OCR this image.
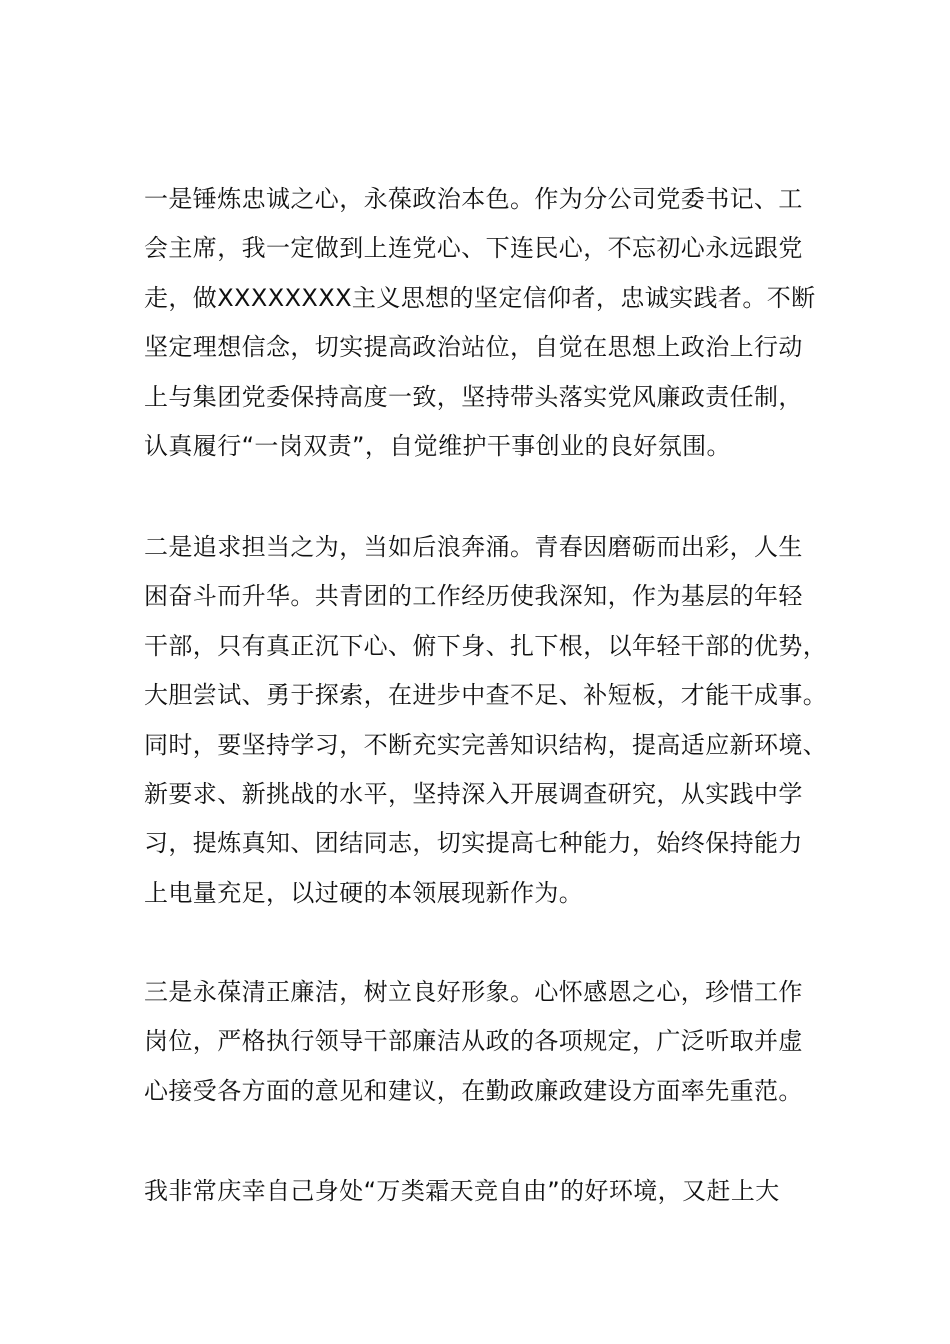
一是锤炼忠诚之心，永葆政治本色。作为分公司党委书记、工
会主席，我一定做到上连党心、下连民心，不忘初心永远跟党
走，做XXXXXXXX主义思想的坚定信仰者，忠诚实践者。不断
坚定理想信念，切实提高政治站位，自觉在思想上政治上行动
上与集团党委保持高度一致，坚持带头落实党风廉政责任制，
认真履行“一岗双责”，自觉维护干事创业的良好氛围。
二是追求担当之为，当如后浪奔涌。青春因磨砺而出彩，人生
困奋斗而升华。共青团的工作经历使我深知，作为基层的年轻
干部，只有真正沉下心、俯下身、扎下根，以年轻干部的优势，
大胆尝试、勇于探索，在进步中查不足、补短板，才能干成事。
同时，要坚持学习，不断充实完善知识结构，提高适应新环境、
新要求、新挑战的水平，坚持深入开展调查研究，从实践中学
习，提炼真知、团结同志，切实提高七种能力，始终保持能力
上电量充足，以过硬的本领展现新作为。
三是永葆清正廉洁，树立良好形象。心怀感恩之心，珍惜工作
岗位，严格执行领导干部廉洁从政的各项规定，广泛听取并虚
心接受各方面的意见和建议，在勤政廉政建设方面率先重范。
我非常庆幸自己身处“万类霜天竞自由”的好环境，又赶上大
